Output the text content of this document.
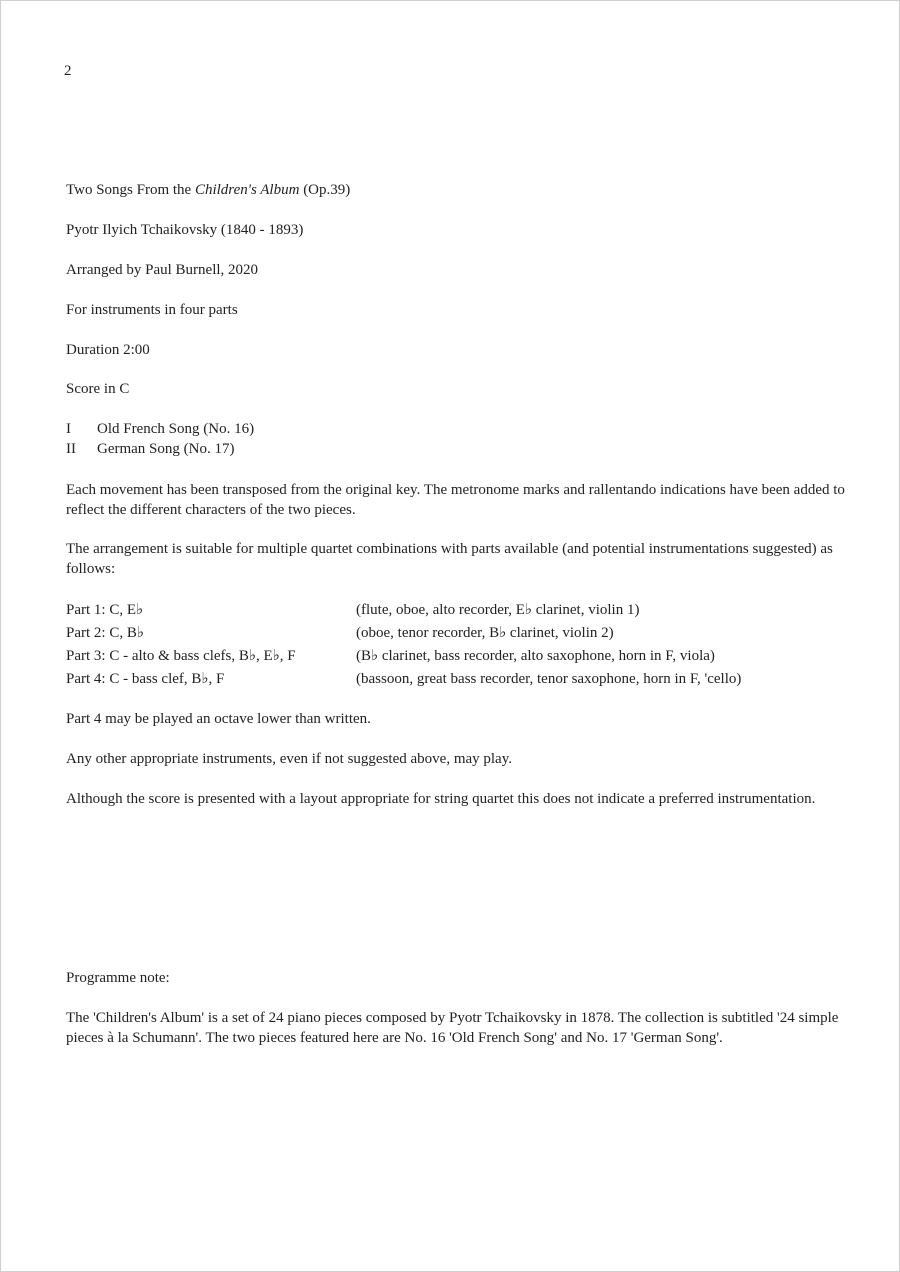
2
Two Songs From the Children's Album (Op.39)
Pyotr Ilyich Tchaikovsky (1840 - 1893)
Arranged by Paul Burnell, 2020
For instruments in four parts
Duration 2:00
Score in C
I Old French Song (No. 16)
II German Song (No. 17)
Each movement has been transposed from the original key. The metronome marks and rallentando indications have been added to reflect the different characters of the two pieces.
The arrangement is suitable for multiple quartet combinations with parts available (and potential instrumentations suggested) as follows:
Part 1: C, E♭	(flute, oboe, alto recorder, E♭ clarinet, violin 1)
Part 2: C, B♭	(oboe, tenor recorder, B♭ clarinet, violin 2)
Part 3: C - alto & bass clefs, B♭, E♭, F	(B♭ clarinet, bass recorder, alto saxophone, horn in F, viola)
Part 4: C - bass clef, B♭, F	(bassoon, great bass recorder, tenor saxophone, horn in F, 'cello)
Part 4 may be played an octave lower than written.
Any other appropriate instruments, even if not suggested above, may play.
Although the score is presented with a layout appropriate for string quartet this does not indicate a preferred instrumentation.
Programme note:
The 'Children's Album' is a set of 24 piano pieces composed by Pyotr Tchaikovsky in 1878. The collection is subtitled '24 simple pieces à la Schumann'. The two pieces featured here are No. 16 'Old French Song' and No. 17 'German Song'.
